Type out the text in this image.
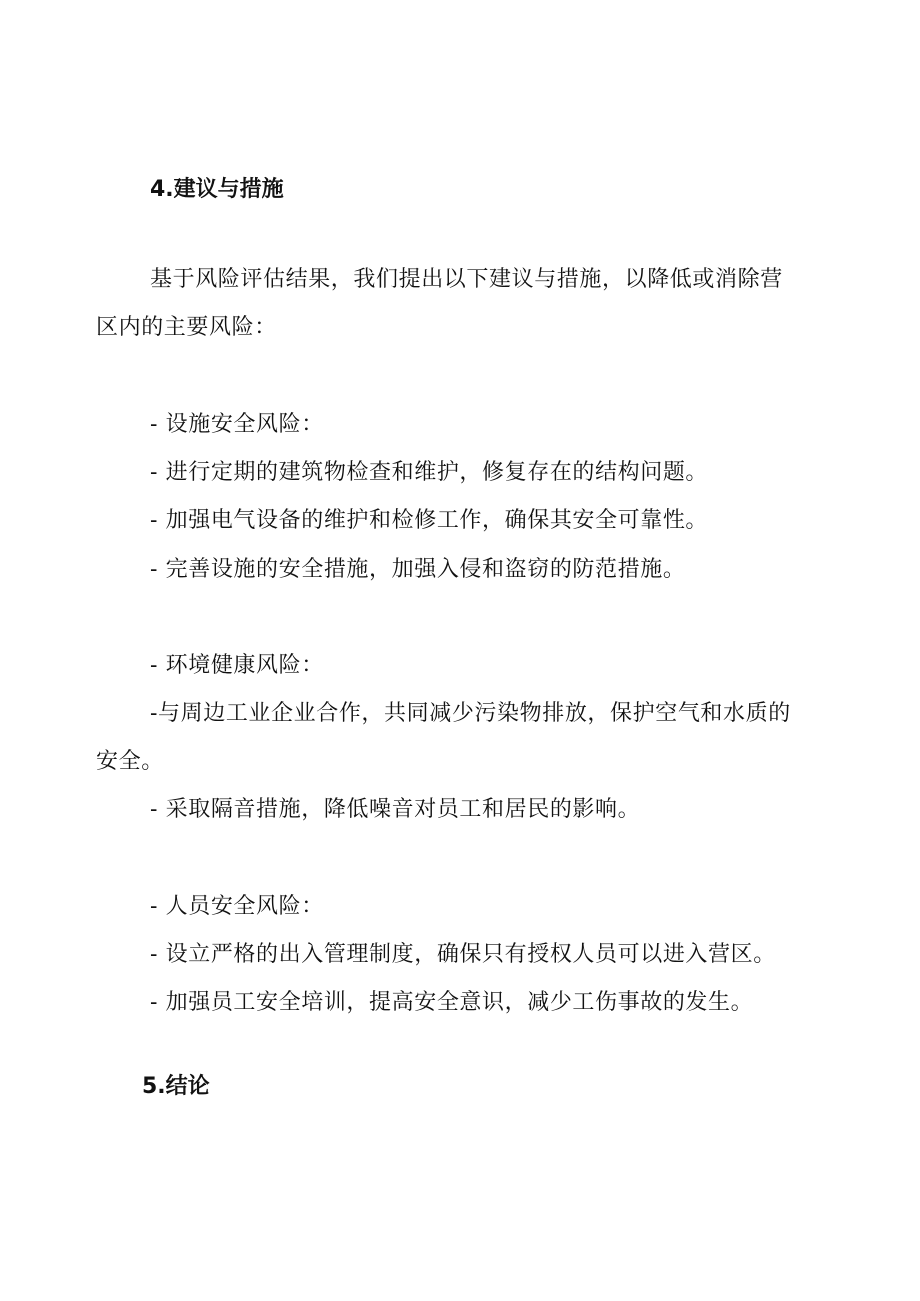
4.建议与措施
基于风险评估结果，我们提出以下建议与措施，以降低或消除营
区内的主要风险：
- 设施安全风险：
- 进行定期的建筑物检查和维护，修复存在的结构问题。
- 加强电气设备的维护和检修工作，确保其安全可靠性。
- 完善设施的安全措施，加强入侵和盗窃的防范措施。
- 环境健康风险：
-与周边工业企业合作，共同减少污染物排放，保护空气和水质的
安全。
- 采取隔音措施，降低噪音对员工和居民的影响。
- 人员安全风险：
- 设立严格的出入管理制度，确保只有授权人员可以进入营区。
- 加强员工安全培训，提高安全意识，减少工伤事故的发生。
5.结论
